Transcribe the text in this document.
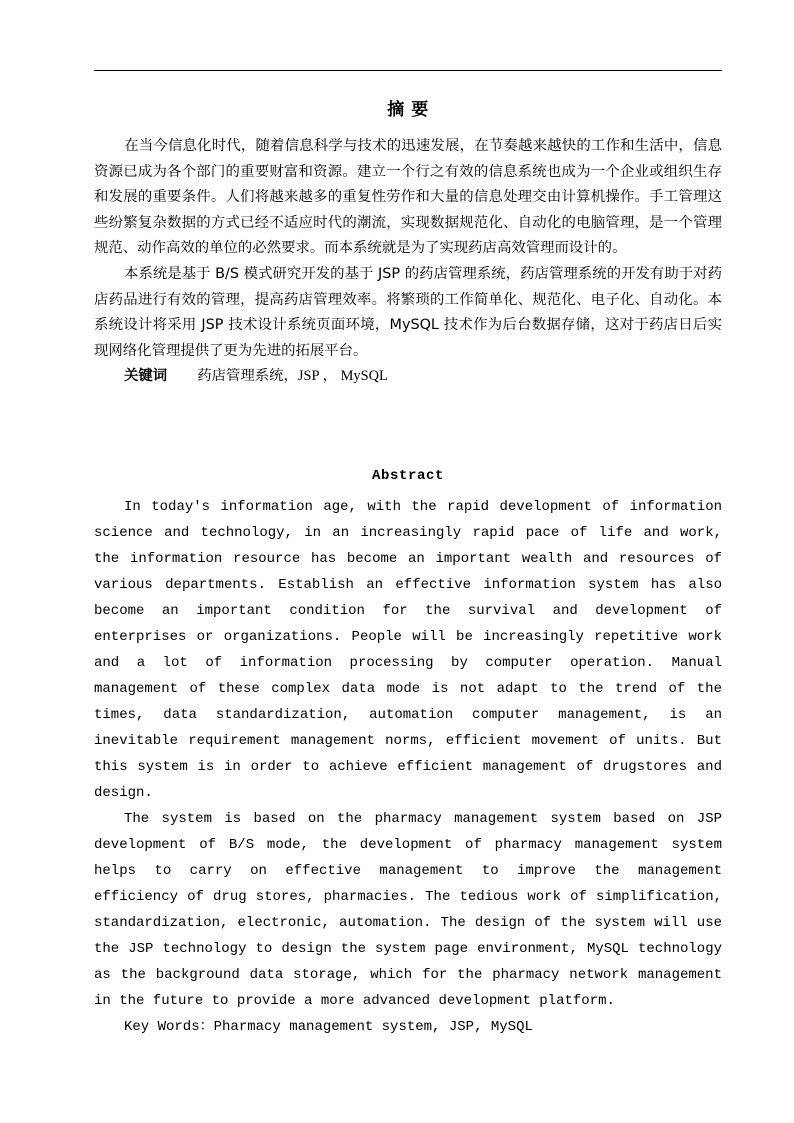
摘 要

在当今信息化时代，随着信息科学与技术的迅速发展，在节奏越来越快的工作和生活中，信息资源已成为各个部门的重要财富和资源。建立一个行之有效的信息系统也成为一个企业或组织生存和发展的重要条件。人们将越来越多的重复性劳作和大量的信息处理交由计算机操作。手工管理这些纷繁复杂数据的方式已经不适应时代的潮流，实现数据规范化、自动化的电脑管理，是一个管理规范、动作高效的单位的必然要求。而本系统就是为了实现药店高效管理而设计的。

本系统是基于 B/S 模式研究开发的基于 JSP 的药店管理系统，药店管理系统的开发有助于对药店药品进行有效的管理，提高药店管理效率。将繁琐的工作简单化、规范化、电子化、自动化。本系统设计将采用 JSP 技术设计系统页面环境，MySQL 技术作为后台数据存储，这对于药店日后实现网络化管理提供了更为先进的拓展平台。

关键词 药店管理系统，JSP ， MySQL

Abstract

In today's information age, with the rapid development of information science and technology, in an increasingly rapid pace of life and work, the information resource has become an important wealth and resources of various departments. Establish an effective information system has also become an important condition for the survival and development of enterprises or organizations. People will be increasingly repetitive work and a lot of information processing by computer operation. Manual management of these complex data mode is not adapt to the trend of the times, data standardization, automation computer management, is an inevitable requirement management norms, efficient movement of units. But this system is in order to achieve efficient management of drugstores and design.

The system is based on the pharmacy management system based on JSP development of B/S mode, the development of pharmacy management system helps to carry on effective management to improve the management efficiency of drug stores, pharmacies. The tedious work of simplification, standardization, electronic, automation. The design of the system will use the JSP technology to design the system page environment, MySQL technology as the background data storage, which for the pharmacy network management in the future to provide a more advanced development platform.

Key Words：Pharmacy management system, JSP, MySQL
